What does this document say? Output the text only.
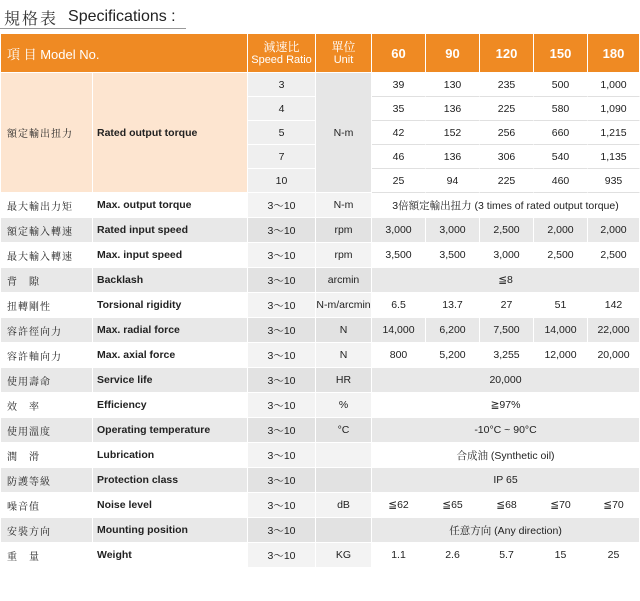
規格表 Specifications :
項 目 Model No.		減速比
Speed Ratio	單位
Unit	60	90	120	150	180
額定輸出扭力	Rated output torque	3	N-m	39	130	235	500	1,000
		4		35	136	225	580	1,090
		5		42	152	256	660	1,215
		7		46	136	306	540	1,135
		10		25	94	225	460	935
最大輸出力矩	Max. output torque	3～10	N-m	3倍額定輸出扭力 (3 times of rated output torque)				
額定輸入轉速	Rated input speed	3～10	rpm	3,000	3,000	2,500	2,000	2,000
最大輸入轉速	Max. input speed	3～10	rpm	3,500	3,500	3,000	2,500	2,500
背　隙	Backlash	3～10	arcmin	≦8				
扭轉剛性	Torsional rigidity	3～10	N-m/arcmin	6.5	13.7	27	51	142
容許徑向力	Max. radial force	3～10	N	14,000	6,200	7,500	14,000	22,000
容許軸向力	Max. axial force	3～10	N	800	5,200	3,255	12,000	20,000
使用壽命	Service life	3～10	HR	20,000				
效　率	Efficiency	3～10	%	≧97%				
使用溫度	Operating temperature	3～10	°C	-10°C ~ 90°C				
潤　滑	Lubrication	3～10		合成油 (Synthetic oil)				
防護等級	Protection class	3～10		IP 65				
噪音值	Noise level	3～10	dB	≦62	≦65	≦68	≦70	≦70
安裝方向	Mounting position	3～10		任意方向 (Any direction)				
重　量	Weight	3～10	KG	1.1	2.6	5.7	15	25
